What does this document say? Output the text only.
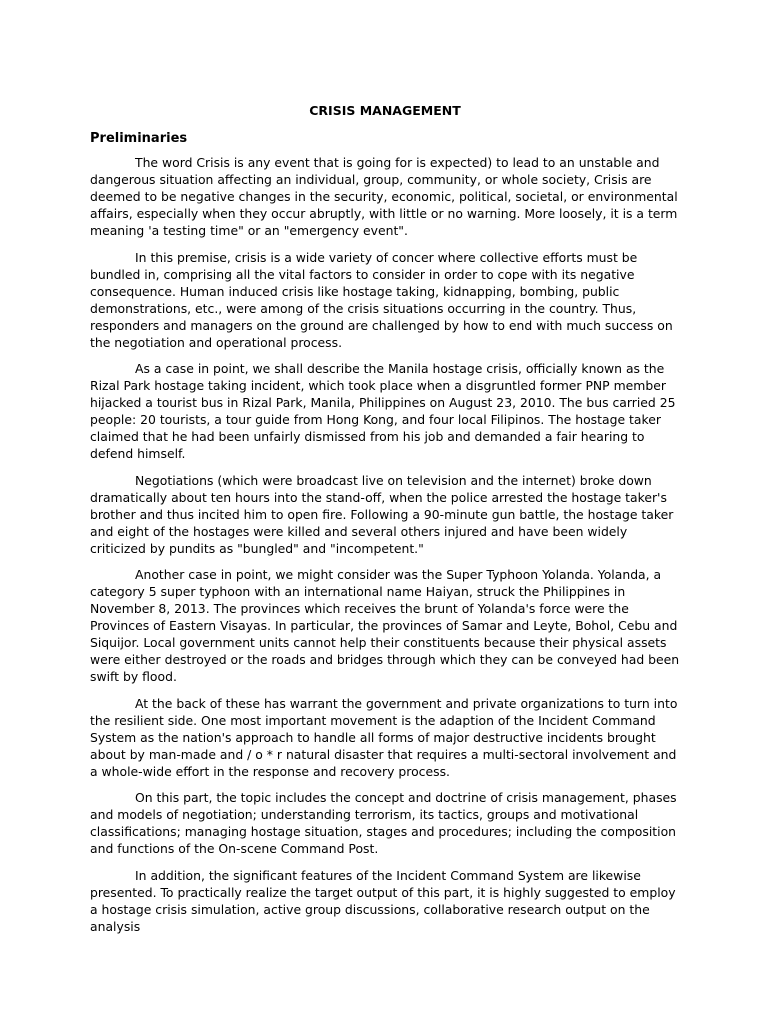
CRISIS MANAGEMENT
Preliminaries

The word Crisis is any event that is going for is expected) to lead to an unstable and dangerous situation affecting an individual, group, community, or whole society, Crisis are deemed to be negative changes in the security, economic, political, societal, or environmental affairs, especially when they occur abruptly, with little or no warning. More loosely, it is a term meaning 'a testing time" or an "emergency event".

In this premise, crisis is a wide variety of concer where collective efforts must be bundled in, comprising all the vital factors to consider in order to cope with its negative consequence. Human induced crisis like hostage taking, kidnapping, bombing, public demonstrations, etc., were among of the crisis situations occurring in the country. Thus, responders and managers on the ground are challenged by how to end with much success on the negotiation and operational process.

As a case in point, we shall describe the Manila hostage crisis, officially known as the Rizal Park hostage taking incident, which took place when a disgruntled former PNP member hijacked a tourist bus in Rizal Park, Manila, Philippines on August 23, 2010. The bus carried 25 people: 20 tourists, a tour guide from Hong Kong, and four local Filipinos. The hostage taker claimed that he had been unfairly dismissed from his job and demanded a fair hearing to defend himself.

Negotiations (which were broadcast live on television and the internet) broke down dramatically about ten hours into the stand-off, when the police arrested the hostage taker's brother and thus incited him to open fire. Following a 90-minute gun battle, the hostage taker and eight of the hostages were killed and several others injured and have been widely criticized by pundits as "bungled" and "incompetent."

Another case in point, we might consider was the Super Typhoon Yolanda. Yolanda, a category 5 super typhoon with an international name Haiyan, struck the Philippines in November 8, 2013. The provinces which receives the brunt of Yolanda's force were the Provinces of Eastern Visayas. In particular, the provinces of Samar and Leyte, Bohol, Cebu and Siquijor. Local government units cannot help their constituents because their physical assets were either destroyed or the roads and bridges through which they can be conveyed had been swift by flood.

At the back of these has warrant the government and private organizations to turn into the resilient side. One most important movement is the adaption of the Incident Command System as the nation's approach to handle all forms of major destructive incidents brought about by man-made and / o * r natural disaster that requires a multi-sectoral involvement and a whole-wide effort in the response and recovery process.

On this part, the topic includes the concept and doctrine of crisis management, phases and models of negotiation; understanding terrorism, its tactics, groups and motivational classifications; managing hostage situation, stages and procedures; including the composition and functions of the On-scene Command Post.

In addition, the significant features of the Incident Command System are likewise presented. To practically realize the target output of this part, it is highly suggested to employ a hostage crisis simulation, active group discussions, collaborative research output on the analysis
